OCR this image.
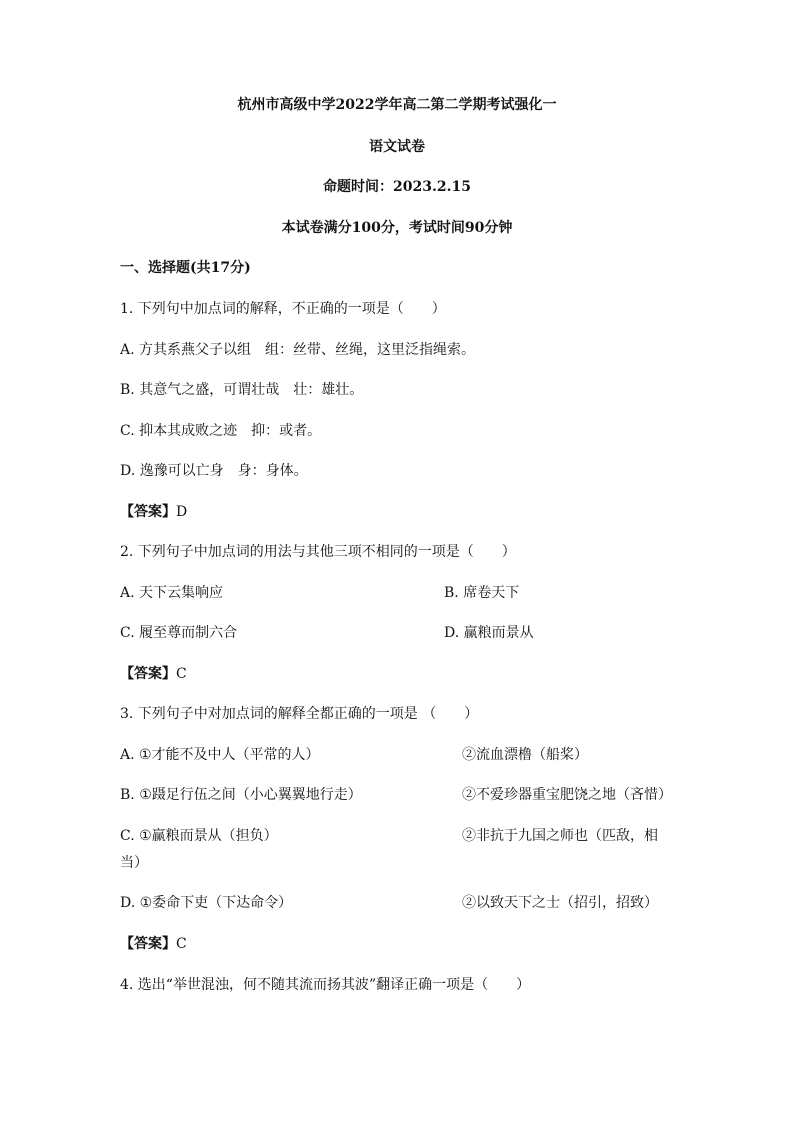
杭州市高级中学2022学年高二第二学期考试强化一
语文试卷
命题时间：2023.2.15
本试卷满分100分，考试时间90分钟
一、选择题(共17分)
1. 下列句中加点词的解释，不正确的一项是（　　）
A. 方其系燕父子以组　组：丝带、丝绳，这里泛指绳索。
B. 其意气之盛，可谓壮哉　壮：雄壮。
C. 抑本其成败之迹　抑：或者。
D. 逸豫可以亡身　身：身体。
【答案】D
2. 下列句子中加点词的用法与其他三项不相同的一项是（　　）
A. 天下云集响应	B. 席卷天下
C. 履至尊而制六合	D. 赢粮而景从
【答案】C
3. 下列句子中对加点词的解释全都正确的一项是 （　　）
A. ①才能不及中人（平常的人）	②流血漂橹（船桨）
B. ①蹑足行伍之间（小心翼翼地行走）	②不爱珍器重宝肥饶之地（吝惜）
C. ①赢粮而景从（担负）	②非抗于九国之师也（匹敌，相
当）
D. ①委命下吏（下达命令）	②以致天下之士（招引，招致）
【答案】C
4. 选出“举世混浊，何不随其流而扬其波”翻译正确一项是（　　）
